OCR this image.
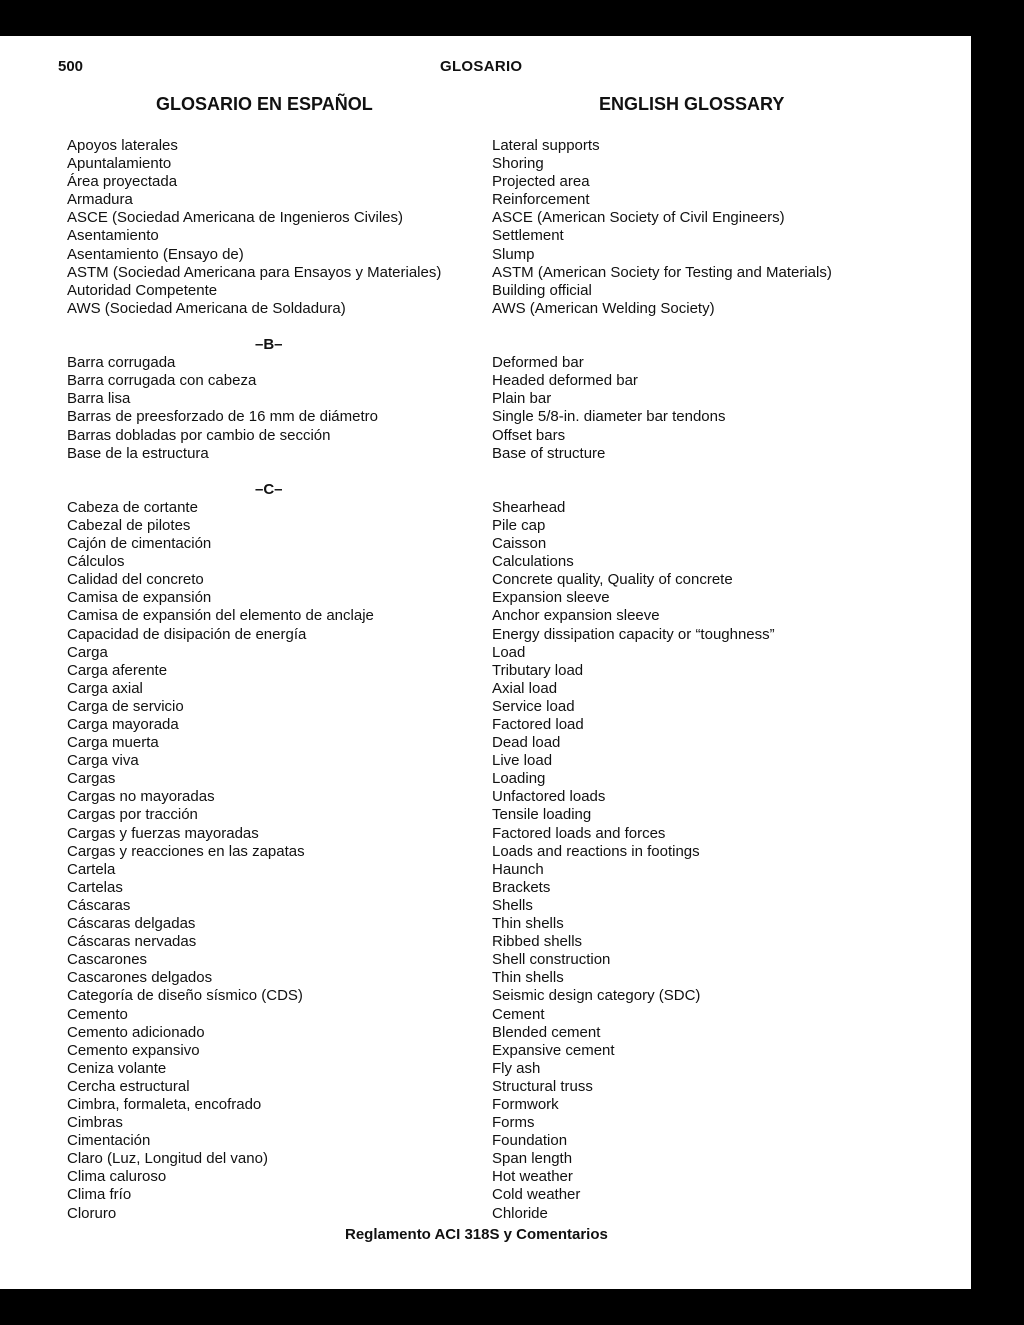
500	GLOSARIO
GLOSARIO EN ESPAÑOL	ENGLISH GLOSSARY
Apoyos laterales	Lateral supports
Apuntalamiento	Shoring
Área proyectada	Projected area
Armadura	Reinforcement
ASCE (Sociedad Americana de Ingenieros Civiles)	ASCE (American Society of Civil Engineers)
Asentamiento	Settlement
Asentamiento (Ensayo de)	Slump
ASTM (Sociedad Americana para Ensayos y Materiales)	ASTM (American Society for Testing and Materials)
Autoridad Competente	Building official
AWS (Sociedad Americana de Soldadura)	AWS (American Welding Society)
–B–
Barra corrugada	Deformed bar
Barra corrugada con cabeza	Headed deformed bar
Barra lisa	Plain bar
Barras de preesforzado de 16 mm de diámetro	Single 5/8-in. diameter bar tendons
Barras dobladas por cambio de sección	Offset bars
Base de la estructura	Base of structure
–C–
Cabeza de cortante	Shearhead
Cabezal de pilotes	Pile cap
Cajón de cimentación	Caisson
Cálculos	Calculations
Calidad del concreto	Concrete quality, Quality of concrete
Camisa de expansión	Expansion sleeve
Camisa de expansión del elemento de anclaje	Anchor expansion sleeve
Capacidad de disipación de energía	Energy dissipation capacity or “toughness”
Carga	Load
Carga aferente	Tributary load
Carga axial	Axial load
Carga de servicio	Service load
Carga mayorada	Factored load
Carga muerta	Dead load
Carga viva	Live load
Cargas	Loading
Cargas no mayoradas	Unfactored loads
Cargas por tracción	Tensile loading
Cargas y fuerzas mayoradas	Factored loads and forces
Cargas y reacciones en las zapatas	Loads and reactions in footings
Cartela	Haunch
Cartelas	Brackets
Cáscaras	Shells
Cáscaras delgadas	Thin shells
Cáscaras nervadas	Ribbed shells
Cascarones	Shell construction
Cascarones delgados	Thin shells
Categoría de diseño sísmico (CDS)	Seismic design category (SDC)
Cemento	Cement
Cemento adicionado	Blended cement
Cemento expansivo	Expansive cement
Ceniza volante	Fly ash
Cercha estructural	Structural truss
Cimbra, formaleta, encofrado	Formwork
Cimbras	Forms
Cimentación	Foundation
Claro (Luz, Longitud del vano)	Span length
Clima caluroso	Hot weather
Clima frío	Cold weather
Cloruro	Chloride
Reglamento ACI 318S y Comentarios
